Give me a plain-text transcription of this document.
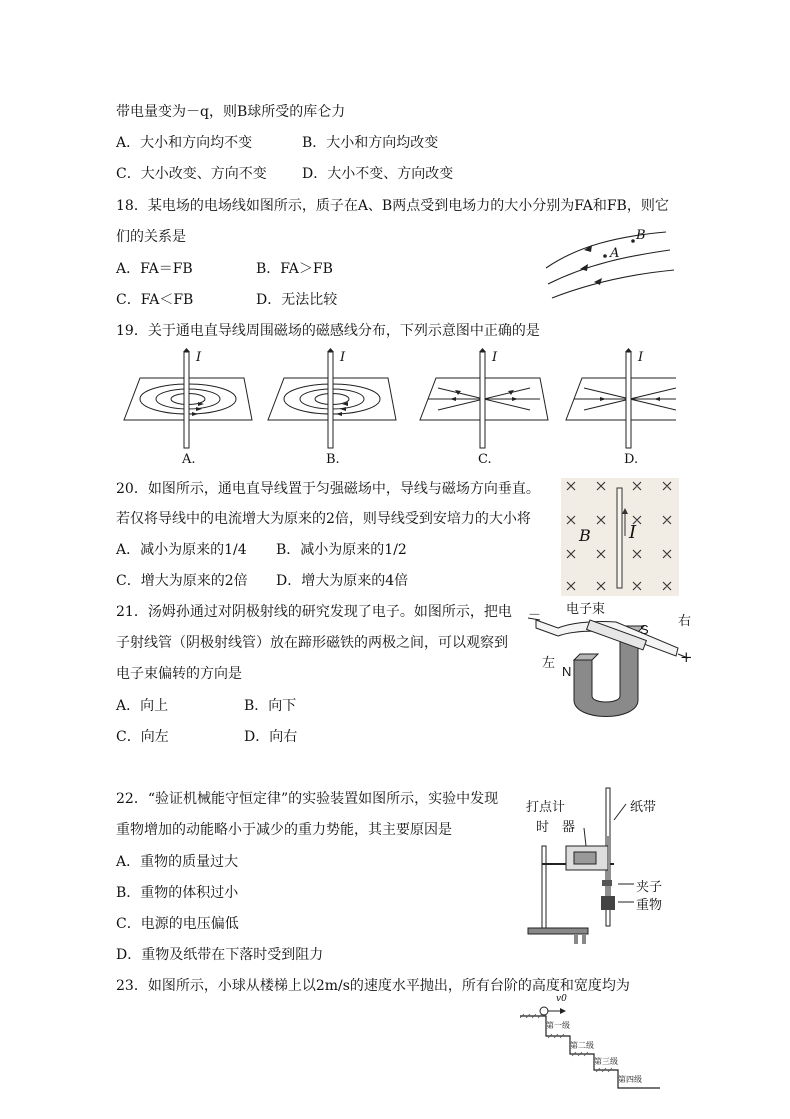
带电量变为－q，则B球所受的库仑力
A．大小和方向均不变	B．大小和方向均改变
C．大小改变、方向不变	D．大小不变、方向改变
18．某电场的电场线如图所示，质子在A、B两点受到电场力的大小分别为FA和FB，则它
们的关系是
A．FA＝FB	B．FA＞FB
C．FA＜FB	D．无法比较
19．关于通电直导线周围磁场的磁感线分布，下列示意图中正确的是
20．如图所示，通电直导线置于匀强磁场中，导线与磁场方向垂直。
若仅将导线中的电流增大为原来的2倍，则导线受到安培力的大小将
A．减小为原来的1/4 B．减小为原来的1/2
C．增大为原来的2倍 D．增大为原来的4倍
21．汤姆孙通过对阴极射线的研究发现了电子。如图所示，把电
子射线管（阴极射线管）放在蹄形磁铁的两极之间，可以观察到
电子束偏转的方向是
A．向上	B．向下
C．向左	D．向右
22．“验证机械能守恒定律”的实验装置如图所示，实验中发现
重物增加的动能略小于减少的重力势能，其主要原因是
A．重物的质量过大
B．重物的体积过小
C．电源的电压偏低
D．重物及纸带在下落时受到阻力
23．如图所示，小球从楼梯上以2m/s的速度水平抛出，所有台阶的高度和宽度均为
A
B
I	I	I	I
A.	B.	C.	D.
B I
电子束
右
左
S
N
－
+
打点计
时　器
纸带
夹子
重物
v0
第一级
第二级
第三级
第四级
